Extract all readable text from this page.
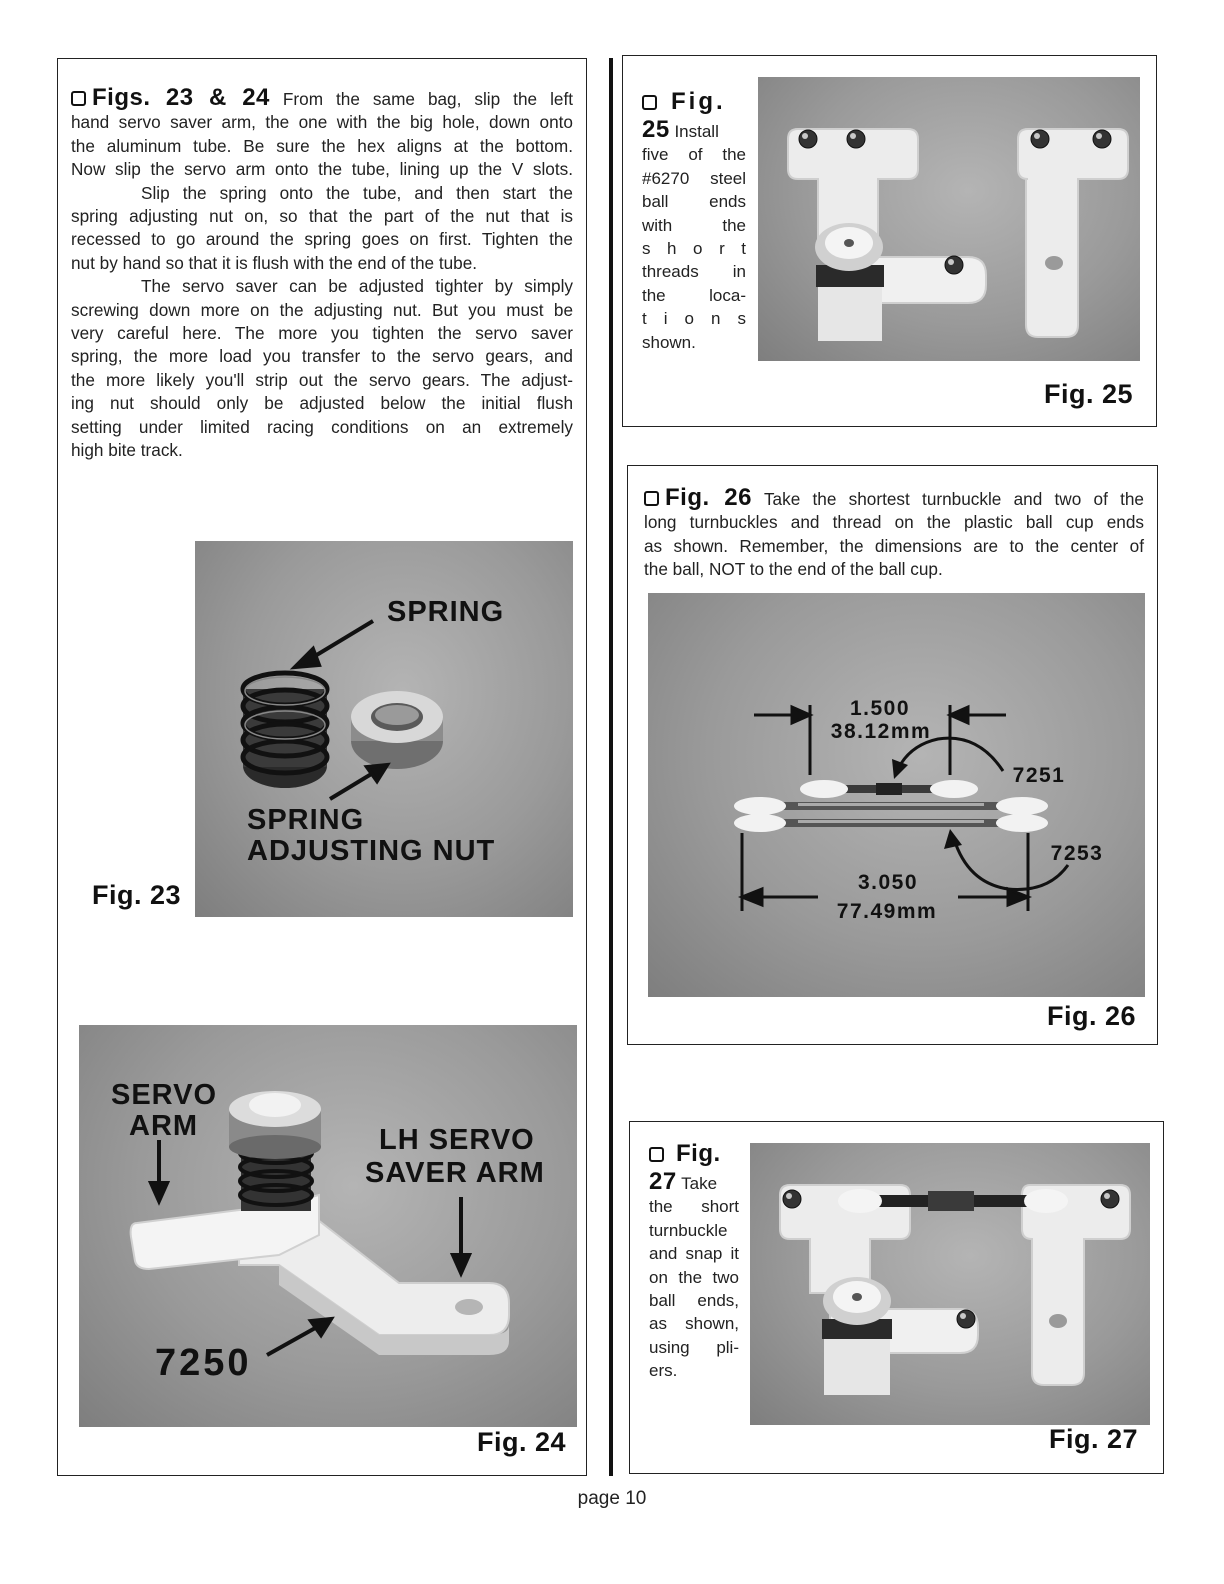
Figs. 23 & 24 From the same bag, slip the left
hand servo saver arm, the one with the big hole, down onto
the aluminum tube. Be sure the hex aligns at the bottom.
Now slip the servo arm onto the tube, lining up the V slots.
Slip the spring onto the tube, and then start the
spring adjusting nut on, so that the part of the nut that is
recessed to go around the spring goes on first. Tighten the
nut by hand so that it is flush with the end of the tube.
The servo saver can be adjusted tighter by simply
screwing down more on the adjusting nut. But you must be
very careful here. The more you tighten the servo saver
spring, the more load you transfer to the servo gears, and
the more likely you'll strip out the servo gears. The adjust-
ing nut should only be adjusted below the initial flush
setting under limited racing conditions on an extremely
high bite track.
SPRING
SPRING
ADJUSTING NUT
Fig. 23
SERVO
ARM	LH SERVO
SAVER ARM
7250
Fig. 24
Fig.
25 Install
five of the
#6270 steel
ball ends
with the
s h o r t
threads in
the loca-
t i o n s
shown.
Fig. 25
Fig. 26 Take the shortest turnbuckle and two of the
long turnbuckles and thread on the plastic ball cup ends
as shown. Remember, the dimensions are to the center of
the ball, NOT to the end of the ball cup.
1.500
38.12mm
7251
7253
3.050
77.49mm
Fig. 26
Fig.
27 Take
the short
turnbuckle
and snap it
on the two
ball ends,
as shown,
using pli-
ers.
Fig. 27
page 10
